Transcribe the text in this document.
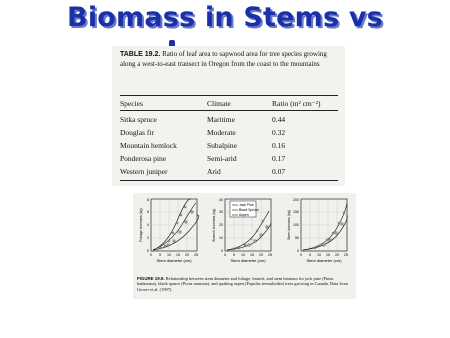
Biomass in Stems vs
TABLE 19.2. Ratio of leaf area to sapwood area for tree species growing along a west-to-east transect in Oregon from the coast to the mountains
Species	Climate	Ratio (m² cm⁻²)
Sitka spruce	Maritime	0.44
Douglas fir	Moderate	0.32
Mountain hemlock	Subalpine	0.16
Ponderosa pine	Semi-arid	0.17
Western juniper	Arid	0.07
Foliage biomass (kg)
0
2
4
6
8
0 5 10 15 20 25
Stem diameter (cm)
Jack Pine
Black Spruce
Aspen
Branch biomass (kg)
0
10
20
30
40
0 5 10 15 20 25
Stem diameter (cm)
Stem biomass (kg)
0
50
100
150
200
0 5 10 15 20 25
Stem diameter (cm)
FIGURE 19.9. Relationship between stem diameter and foliage, branch, and stem biomass for jack pine (Pinus banksiana), black spruce (Picea mariana), and quaking aspen (Populus tremuloides) trees growing in Canada. Data from Gower et al. (1997).
